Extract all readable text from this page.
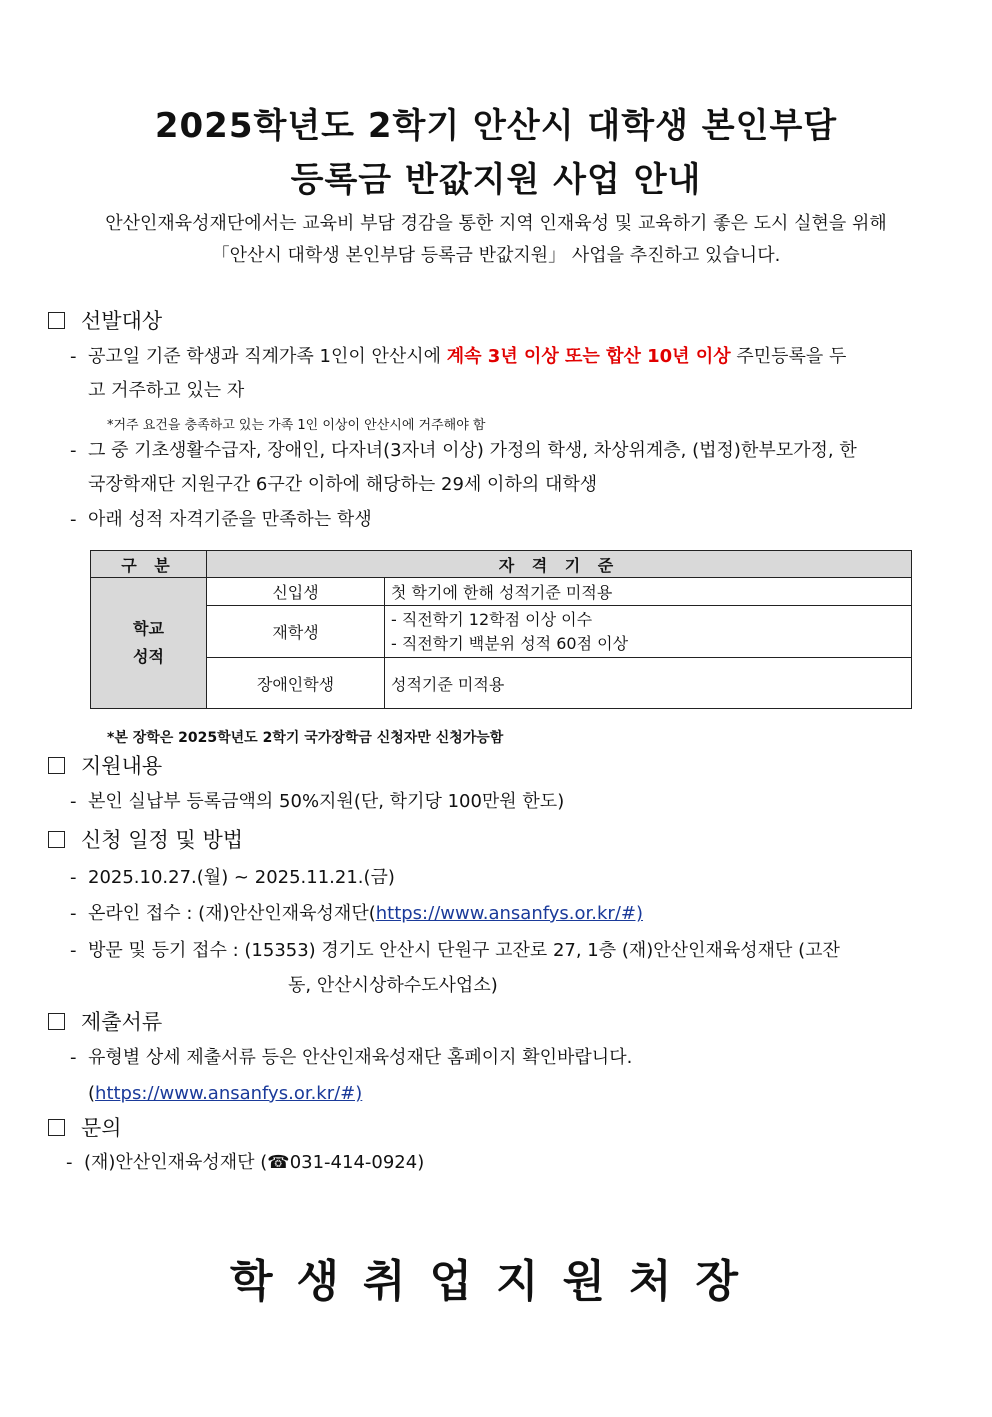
2025학년도 2학기 안산시 대학생 본인부담
등록금 반값지원 사업 안내
안산인재육성재단에서는 교육비 부담 경감을 통한 지역 인재육성 및 교육하기 좋은 도시 실현을 위해
「안산시 대학생 본인부담 등록금 반값지원」 사업을 추진하고 있습니다.
선발대상
- 공고일 기준 학생과 직계가족 1인이 안산시에 계속 3년 이상 또는 합산 10년 이상 주민등록을 두
고 거주하고 있는 자
*거주 요건을 충족하고 있는 가족 1인 이상이 안산시에 거주해야 함
- 그 중 기초생활수급자, 장애인, 다자녀(3자녀 이상) 가정의 학생, 차상위계층, (법정)한부모가정, 한
국장학재단 지원구간 6구간 이하에 해당하는 29세 이하의 대학생
- 아래 성적 자격기준을 만족하는 학생
구 분	자 격 기 준	

학교
성적	신입생	첫 학기에 한해 성적기준 미적용
	재학생	- 직전학기 12학점 이상 이수
- 직전학기 백분위 성적 60점 이상

	장애인학생	성적기준 미적용
*본 장학은 2025학년도 2학기 국가장학금 신청자만 신청가능함
지원내용
- 본인 실납부 등록금액의 50%지원(단, 학기당 100만원 한도)
신청 일정 및 방법
- 2025.10.27.(월) ~ 2025.11.21.(금)
- 온라인 접수 : (재)안산인재육성재단(https://www.ansanfys.or.kr/#)
- 방문 및 등기 접수 : (15353) 경기도 안산시 단원구 고잔로 27, 1층 (재)안산인재육성재단 (고잔
동, 안산시상하수도사업소)
제출서류
- 유형별 상세 제출서류 등은 안산인재육성재단 홈페이지 확인바랍니다.
(https://www.ansanfys.or.kr/#)
문의
- (재)안산인재육성재단 (☎031-414-0924)
학생취업지원처장
